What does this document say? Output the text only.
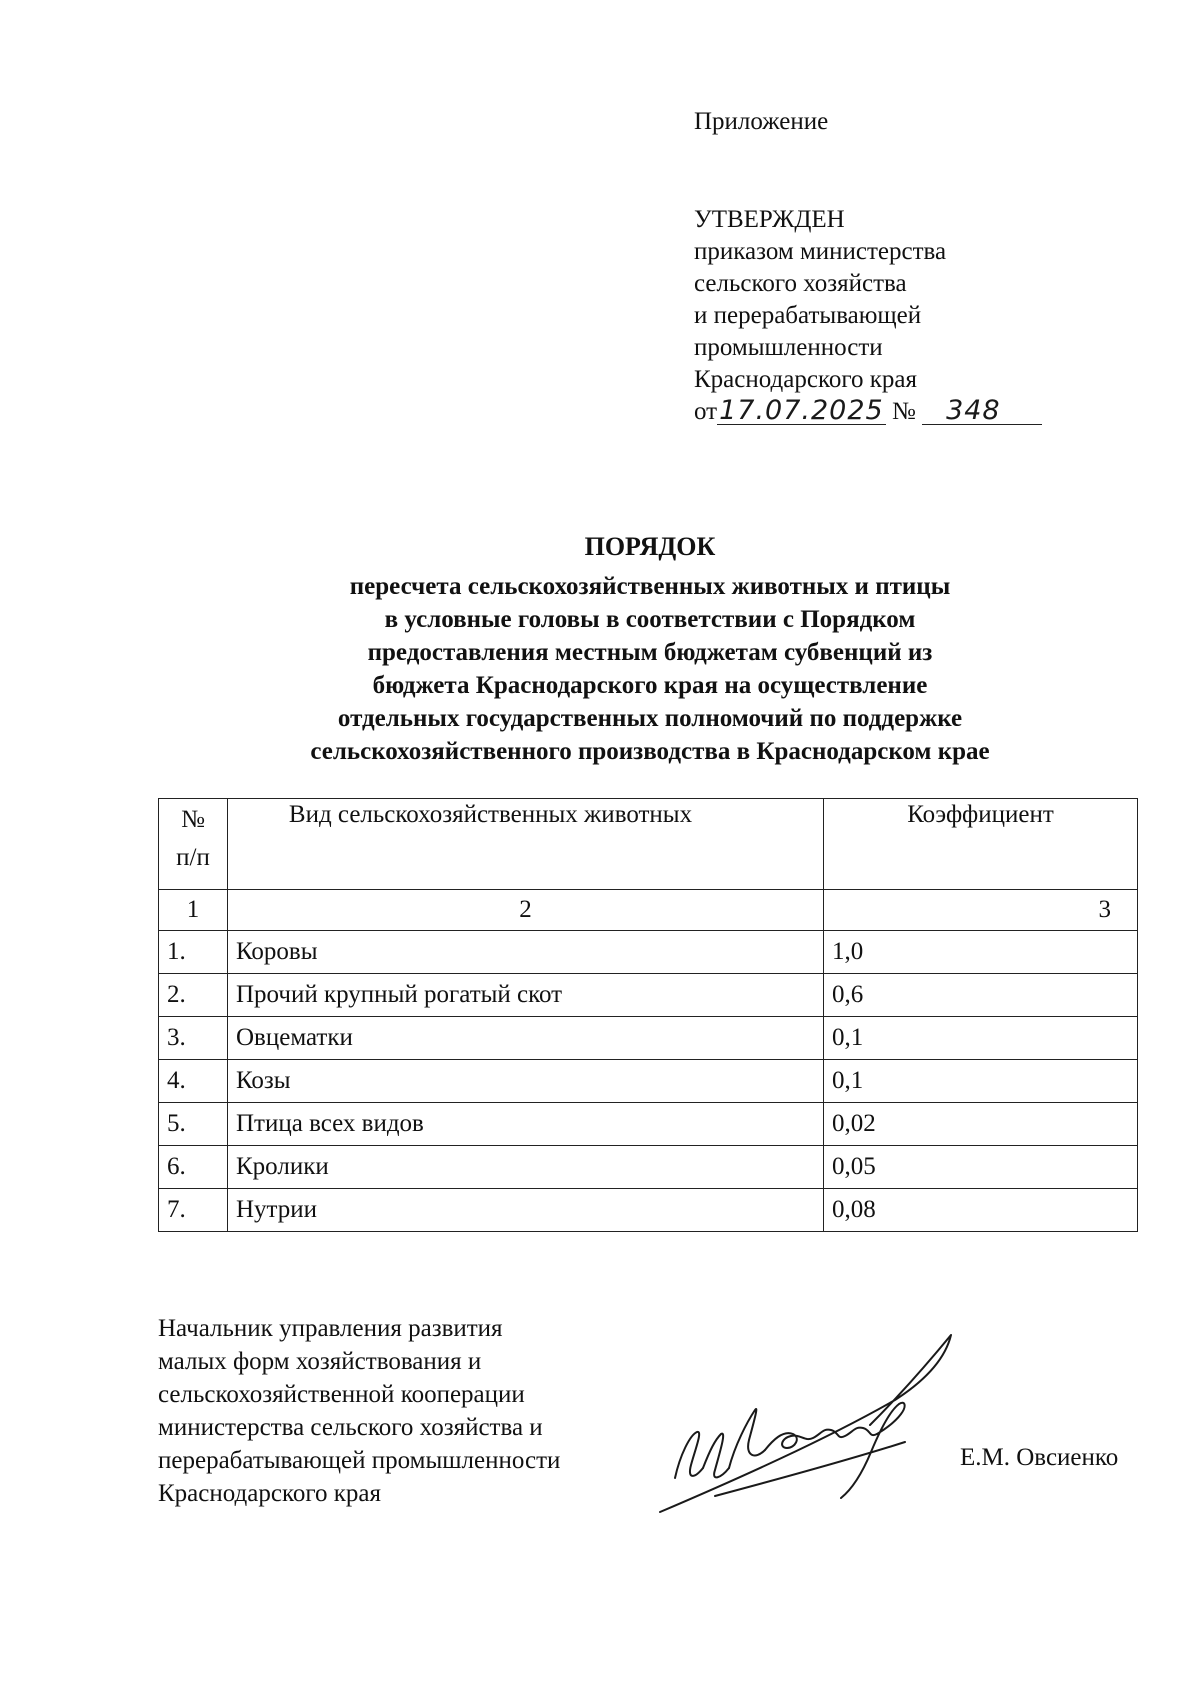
Приложение
УТВЕРЖДЕН
приказом министерства
сельского хозяйства
и перерабатывающей
промышленности
Краснодарского края
от17.07.2025 № 348
ПОРЯДОК
пересчета сельскохозяйственных животных и птицы
в условные головы в соответствии с Порядком
предоставления местным бюджетам субвенций из
бюджета Краснодарского края на осуществление
отдельных государственных полномочий по поддержке
сельскохозяйственного производства в Краснодарском крае
№
п/п	Вид сельскохозяйственных животных	Коэффициент
1	2	3
1.	Коровы	1,0
2.	Прочий крупный рогатый скот	0,6
3.	Овцематки	0,1
4.	Козы	0,1
5.	Птица всех видов	0,02
6.	Кролики	0,05
7.	Нутрии	0,08
Начальник управления развития
малых форм хозяйствования и
сельскохозяйственной кооперации
министерства сельского хозяйства и
перерабатывающей промышленности
Краснодарского края
Е.М. Овсиенко
